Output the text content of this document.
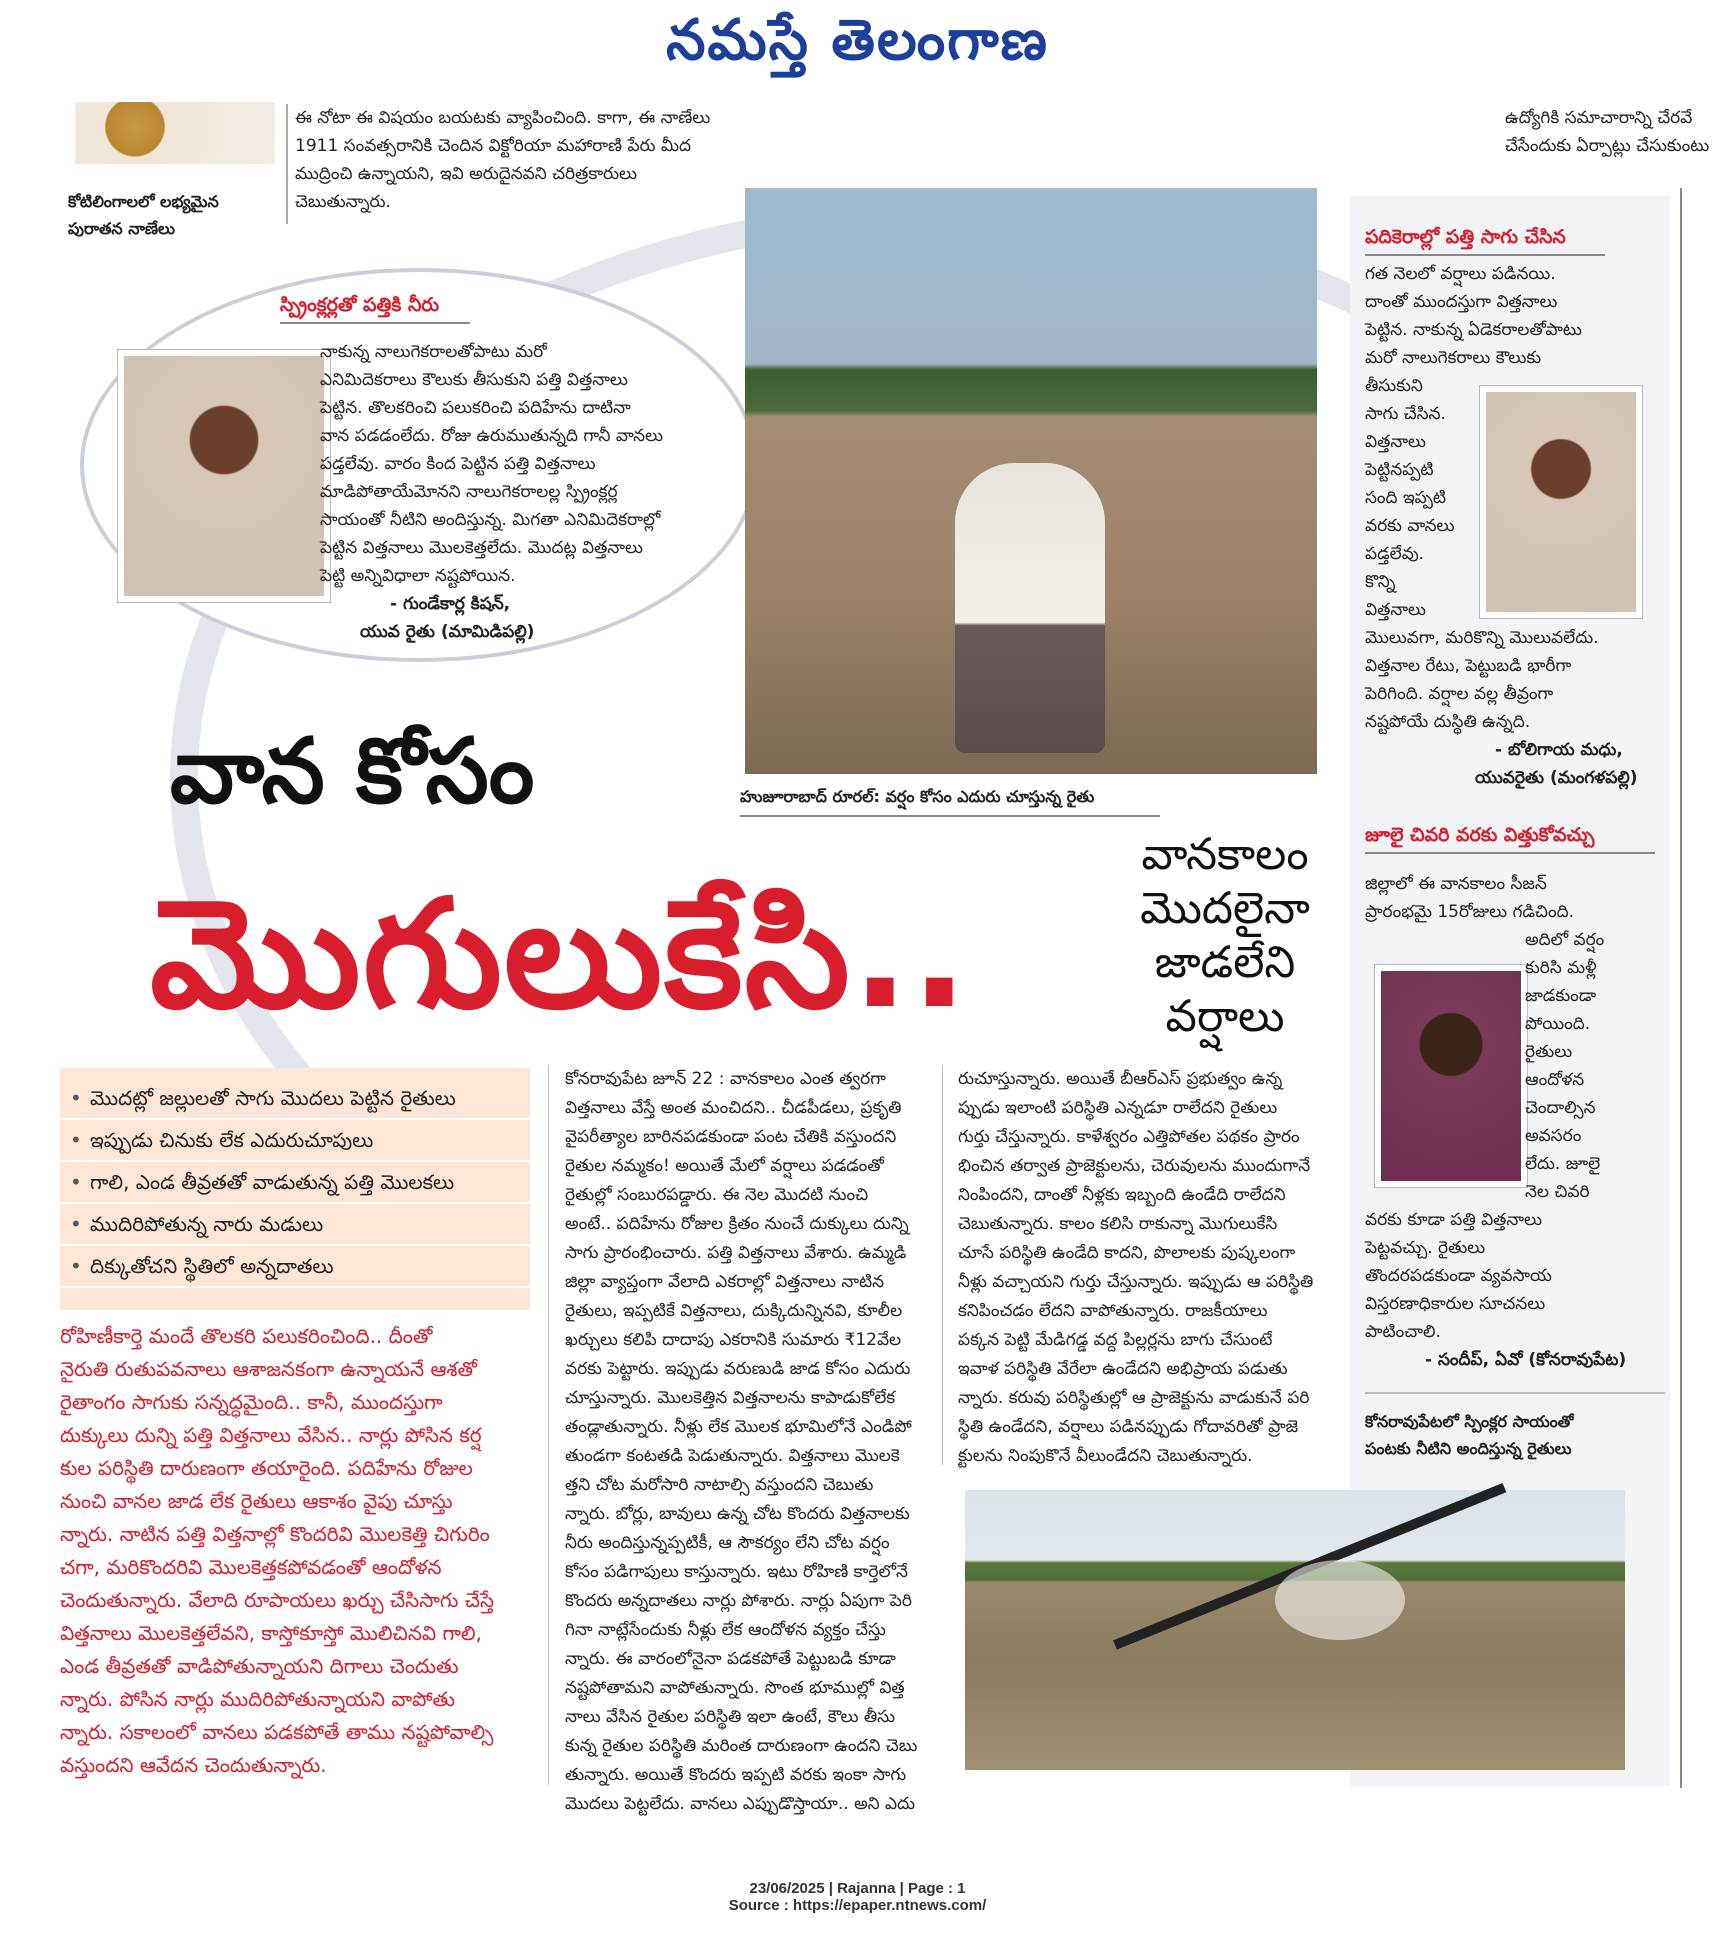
నమస్తే తెలంగాణ
కోటిలింగాలలో లభ్యమైన
పురాతన నాణేలు
ఈ నోటా ఈ విషయం బయటకు వ్యాపించింది. కాగా, ఈ నాణేలు
1911 సంవత్సరానికి చెందిన విక్టోరియా మహారాణి పేరు మీద
ముద్రించి ఉన్నాయని, ఇవి అరుదైనవని చరిత్రకారులు
చెబుతున్నారు.
ఉద్యోగికి సమాచారాన్ని చేరవే
చేసేందుకు ఏర్పాట్లు చేసుకుంటు
స్ప్రింక్లర్లతో పత్తికి నీరు
నాకున్న నాలుగెకరాలతోపాటు మరో
ఎనిమిదెకరాలు కౌలుకు తీసుకుని పత్తి విత్తనాలు
పెట్టిన. తొలకరించి పలుకరించి పదిహేను దాటినా
వాన పడడంలేదు. రోజు ఉరుముతున్నది గానీ వానలు
పడ్తలేవు. వారం కింద పెట్టిన పత్తి విత్తనాలు
మాడిపోతాయేమోనని నాలుగెకరాలల్ల స్ప్రింక్లర్ల
సాయంతో నీటిని అందిస్తున్న. మిగతా ఎనిమిదెకరాల్లో
పెట్టిన విత్తనాలు మొలకెత్తలేదు. మొదట్ల విత్తనాలు
పెట్టి అన్నివిధాలా నష్టపోయిన.
- గుండేకార్ల కిషన్,
యువ రైతు (మామిడిపల్లి)
హుజూరాబాద్ రూరల్: వర్షం కోసం ఎదురు చూస్తున్న రైతు
పదికెరాల్లో పత్తి సాగు చేసిన
గత నెలలో వర్షాలు పడినయి.
దాంతో ముందస్తుగా విత్తనాలు
పెట్టిన. నాకున్న ఏడెకరాలతోపాటు
మరో నాలుగెకరాలు కౌలుకు
తీసుకుని
సాగు చేసిన.
విత్తనాలు
పెట్టినప్పటి
సంది ఇప్పటి
వరకు వానలు
పడ్తలేవు.
కొన్ని
విత్తనాలు
మొలువగా, మరికొన్ని మొలువలేదు.
విత్తనాల రేటు, పెట్టుబడి భారీగా
పెరిగింది. వర్షాల వల్ల తీవ్రంగా
నష్టపోయే దుస్థితి ఉన్నది.
- బోలిగాయ మధు,
యువరైతు (మంగళపల్లి)
జూలై చివరి వరకు విత్తుకోవచ్చు
జిల్లాలో ఈ వానకాలం సీజన్
ప్రారంభమై 15రోజులు గడిచింది.
అదిలో వర్షం
కురిసి మళ్లీ
జాడకుండా
పోయింది.
రైతులు
ఆందోళన
చెందాల్సిన
అవసరం
లేదు. జూలై
నెల చివరి
వరకు కూడా పత్తి విత్తనాలు
పెట్టవచ్చు. రైతులు
తొందరపడకుండా వ్యవసాయ
విస్తరణాధికారుల సూచనలు
పాటించాలి.
- సందీప్, ఏవో (కోనరావుపేట)
కోనరావుపేటలో స్పింక్లర సాయంతో
పంటకు నీటిని అందిస్తున్న రైతులు
వాన కోసం
మొగులుకేసి..
వానకాలం
మొదలైనా
జాడలేని
వర్షాలు
• మొదట్లో జల్లులతో సాగు మొదలు పెట్టిన రైతులు
• ఇప్పుడు చినుకు లేక ఎదురుచూపులు
• గాలి, ఎండ తీవ్రతతో వాడుతున్న పత్తి మొలకలు
• ముదిరిపోతున్న నారు మడులు
• దిక్కుతోచని స్థితిలో అన్నదాతలు
రోహిణీకార్తె మందే తొలకరి పలుకరించింది.. దీంతో
నైరుతి రుతుపవనాలు ఆశాజనకంగా ఉన్నాయనే ఆశతో
రైతాంగం సాగుకు సన్నద్ధమైంది.. కానీ, ముందస్తుగా
దుక్కులు దున్ని పత్తి విత్తనాలు వేసిన.. నార్లు పోసిన కర్ష
కుల పరిస్థితి దారుణంగా తయారైంది. పదిహేను రోజుల
నుంచి వానల జాడ లేక రైతులు ఆకాశం వైపు చూస్తు
న్నారు. నాటిన పత్తి విత్తనాల్లో కొందరివి మొలకెత్తి చిగురిం
చగా, మరికొందరివి మొలకెత్తకపోవడంతో ఆందోళన
చెందుతున్నారు. వేలాది రూపాయలు ఖర్చు చేసిసాగు చేస్తే
విత్తనాలు మొలకెత్తలేవని, కాస్తోకూస్తో మొలిచినవి గాలి,
ఎండ తీవ్రతతో వాడిపోతున్నాయని దిగాలు చెందుతు
న్నారు. పోసిన నార్లు ముదిరిపోతున్నాయని వాపోతు
న్నారు. సకాలంలో వానలు పడకపోతే తాము నష్టపోవాల్సి
వస్తుందని ఆవేదన చెందుతున్నారు.
కోనరావుపేట జూన్ 22 : వానకాలం ఎంత త్వరగా
విత్తనాలు వేస్తే అంత మంచిదని.. చీడపీడలు, ప్రకృతి
వైపరీత్యాల బారినపడకుండా పంట చేతికి వస్తుందని
రైతుల నమ్మకం! అయితే మేలో వర్షాలు పడడంతో
రైతుల్లో సంబురపడ్డారు. ఈ నెల మొదటి నుంచి
అంటే.. పదిహేను రోజుల క్రితం నుంచే దుక్కులు దున్ని
సాగు ప్రారంభించారు. పత్తి విత్తనాలు వేశారు. ఉమ్మడి
జిల్లా వ్యాప్తంగా వేలాది ఎకరాల్లో విత్తనాలు నాటిన
రైతులు, ఇప్పటికే విత్తనాలు, దుక్కిదున్నినవి, కూలీల
ఖర్చులు కలిపి దాదాపు ఎకరానికి సుమారు ₹12వేల
వరకు పెట్టారు. ఇప్పుడు వరుణుడి జాడ కోసం ఎదురు
చూస్తున్నారు. మొలకెత్తిన విత్తనాలను కాపాడుకోలేక
తండ్లాతున్నారు. నీళ్లు లేక మొలక భూమిలోనే ఎండిపో
తుండగా కంటతడి పెడుతున్నారు. విత్తనాలు మొలకె
త్తని చోట మరోసారి నాటాల్సి వస్తుందని చెబుతు
న్నారు. బోర్లు, బావులు ఉన్న చోట కొందరు విత్తనాలకు
నీరు అందిస్తున్నప్పటికీ, ఆ సౌకర్యం లేని చోట వర్షం
కోసం పడిగాపులు కాస్తున్నారు. ఇటు రోహిణి కార్తెలోనే
కొందరు అన్నదాతలు నార్లు పోశారు. నార్లు ఏపుగా పెరి
గినా నాట్లేసేందుకు నీళ్లు లేక ఆందోళన వ్యక్తం చేస్తు
న్నారు. ఈ వారంలోనైనా పడకపోతే పెట్టుబడి కూడా
నష్టపోతామని వాపోతున్నారు. సొంత భూముల్లో విత్త
నాలు వేసిన రైతుల పరిస్థితి ఇలా ఉంటే, కౌలు తీసు
కున్న రైతుల పరిస్థితి మరింత దారుణంగా ఉందని చెబు
తున్నారు. అయితే కొందరు ఇప్పటి వరకు ఇంకా సాగు
మొదలు పెట్టలేదు. వానలు ఎప్పుడొస్తాయా.. అని ఎదు
రుచూస్తున్నారు. అయితే బీఆర్ఎస్ ప్రభుత్వం ఉన్న
ప్పుడు ఇలాంటి పరిస్థితి ఎన్నడూ రాలేదని రైతులు
గుర్తు చేస్తున్నారు. కాళేశ్వరం ఎత్తిపోతల పథకం ప్రారం
భించిన తర్వాత ప్రాజెక్టులను, చెరువులను ముందుగానే
నింపిందని, దాంతో నీళ్లకు ఇబ్బంది ఉండేది రాలేదని
చెబుతున్నారు. కాలం కలిసి రాకున్నా మొగులుకేసి
చూసే పరిస్థితి ఉండేది కాదని, పొలాలకు పుష్కలంగా
నీళ్లు వచ్చాయని గుర్తు చేస్తున్నారు. ఇప్పుడు ఆ పరిస్థితి
కనిపించడం లేదని వాపోతున్నారు. రాజకీయాలు
పక్కన పెట్టి మేడిగడ్డ వద్ద పిల్లర్లను బాగు చేసుంటే
ఇవాళ పరిస్థితి వేరేలా ఉండేదని అభిప్రాయ పడుతు
న్నారు. కరువు పరిస్థితుల్లో ఆ ప్రాజెక్టును వాడుకునే పరి
స్థితి ఉండేదని, వర్షాలు పడినప్పుడు గోదావరితో ప్రాజె
క్టులను నింపుకొనే వీలుండేదని చెబుతున్నారు.
23/06/2025 | Rajanna | Page : 1
Source : https://epaper.ntnews.com/
